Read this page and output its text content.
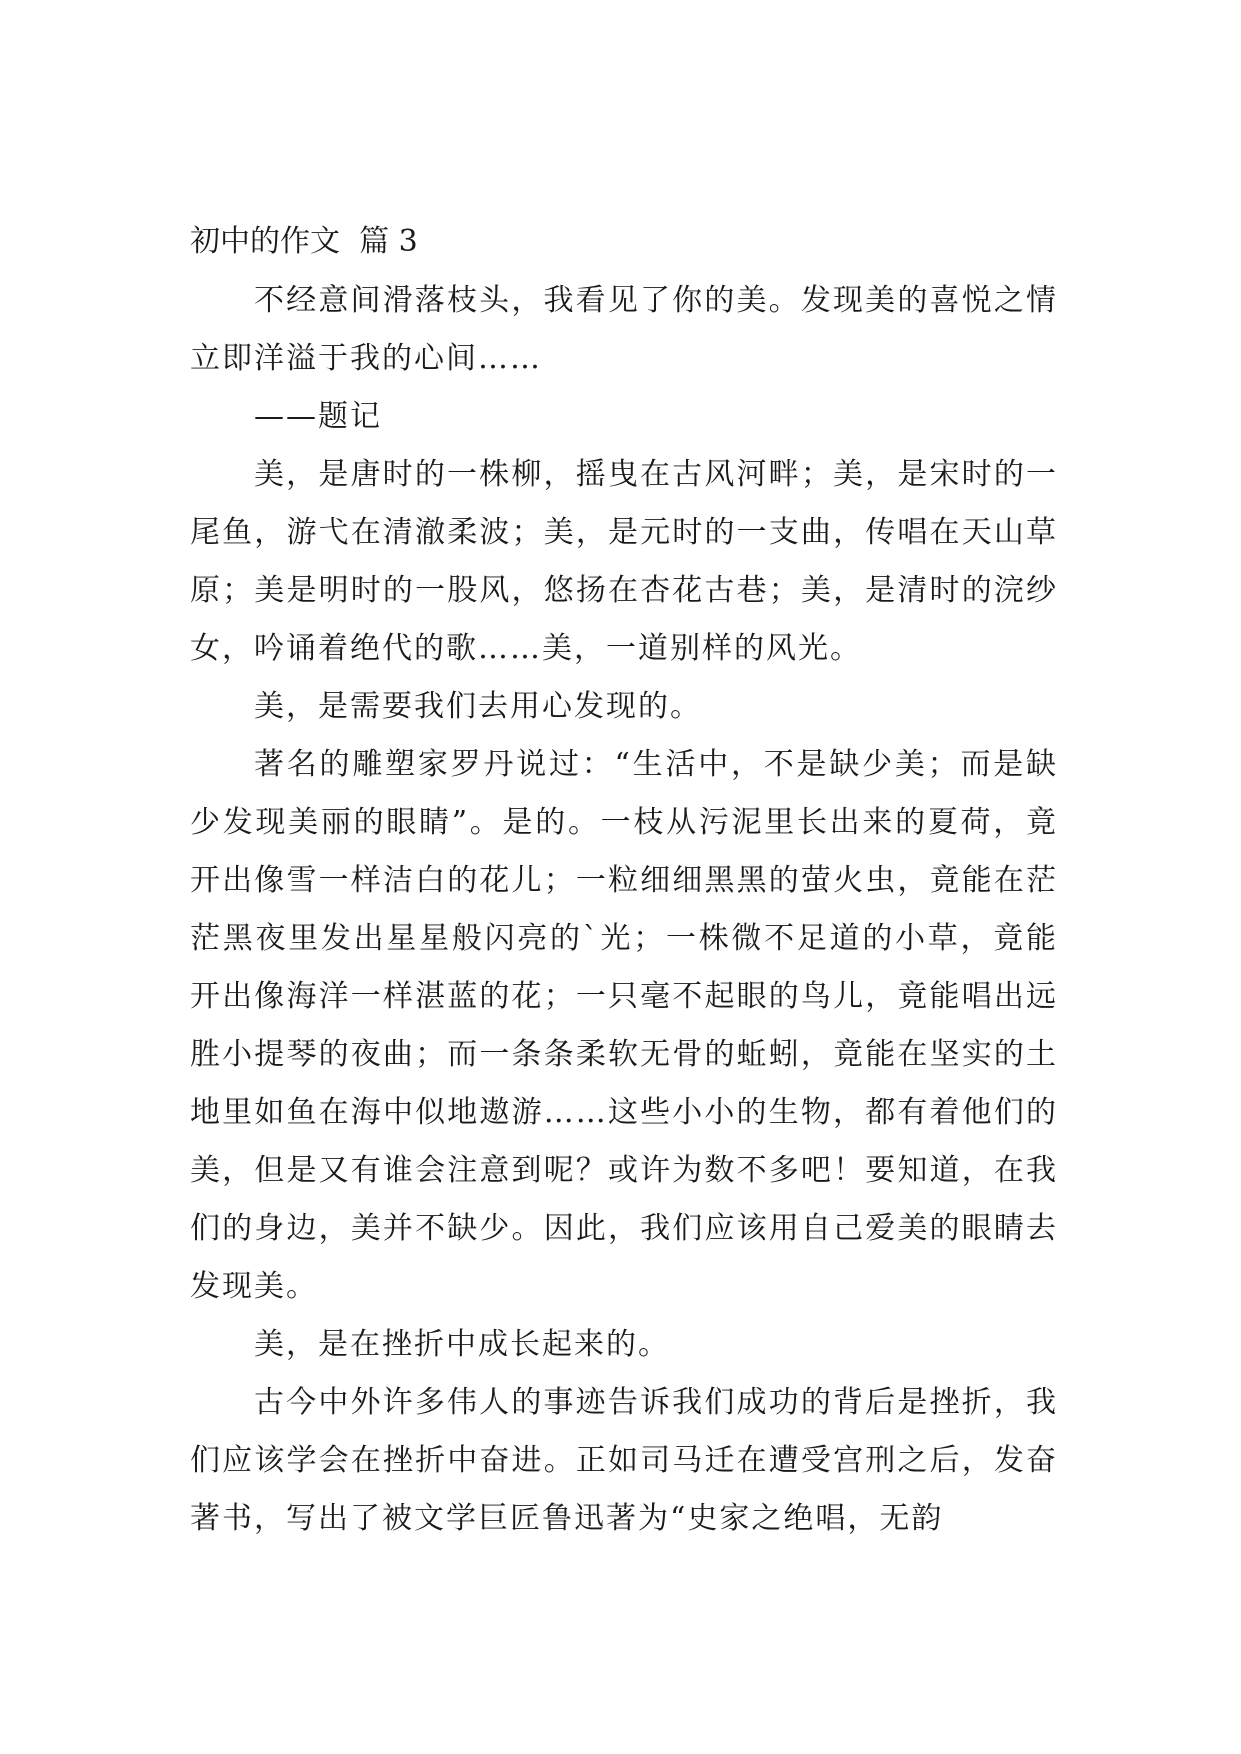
初中的作文  篇 3

不经意间滑落枝头，我看见了你的美。发现美的喜悦之情立即洋溢于我的心间……

——题记

美，是唐时的一株柳，摇曳在古风河畔；美，是宋时的一尾鱼，游弋在清澈柔波；美，是元时的一支曲，传唱在天山草原；美是明时的一股风，悠扬在杏花古巷；美，是清时的浣纱女，吟诵着绝代的歌……美，一道别样的风光。

美，是需要我们去用心发现的。

著名的雕塑家罗丹说过：“生活中，不是缺少美；而是缺少发现美丽的眼睛”。是的。一枝从污泥里长出来的夏荷，竟开出像雪一样洁白的花儿；一粒细细黑黑的萤火虫，竟能在茫茫黑夜里发出星星般闪亮的`光；一株微不足道的小草，竟能开出像海洋一样湛蓝的花；一只毫不起眼的鸟儿，竟能唱出远胜小提琴的夜曲；而一条条柔软无骨的蚯蚓，竟能在坚实的土地里如鱼在海中似地遨游……这些小小的生物，都有着他们的美，但是又有谁会注意到呢？或许为数不多吧！要知道，在我们的身边，美并不缺少。因此，我们应该用自己爱美的眼睛去发现美。

美，是在挫折中成长起来的。

古今中外许多伟人的事迹告诉我们成功的背后是挫折，我们应该学会在挫折中奋进。正如司马迁在遭受宫刑之后，发奋著书，写出了被文学巨匠鲁迅著为“史家之绝唱，无韵
